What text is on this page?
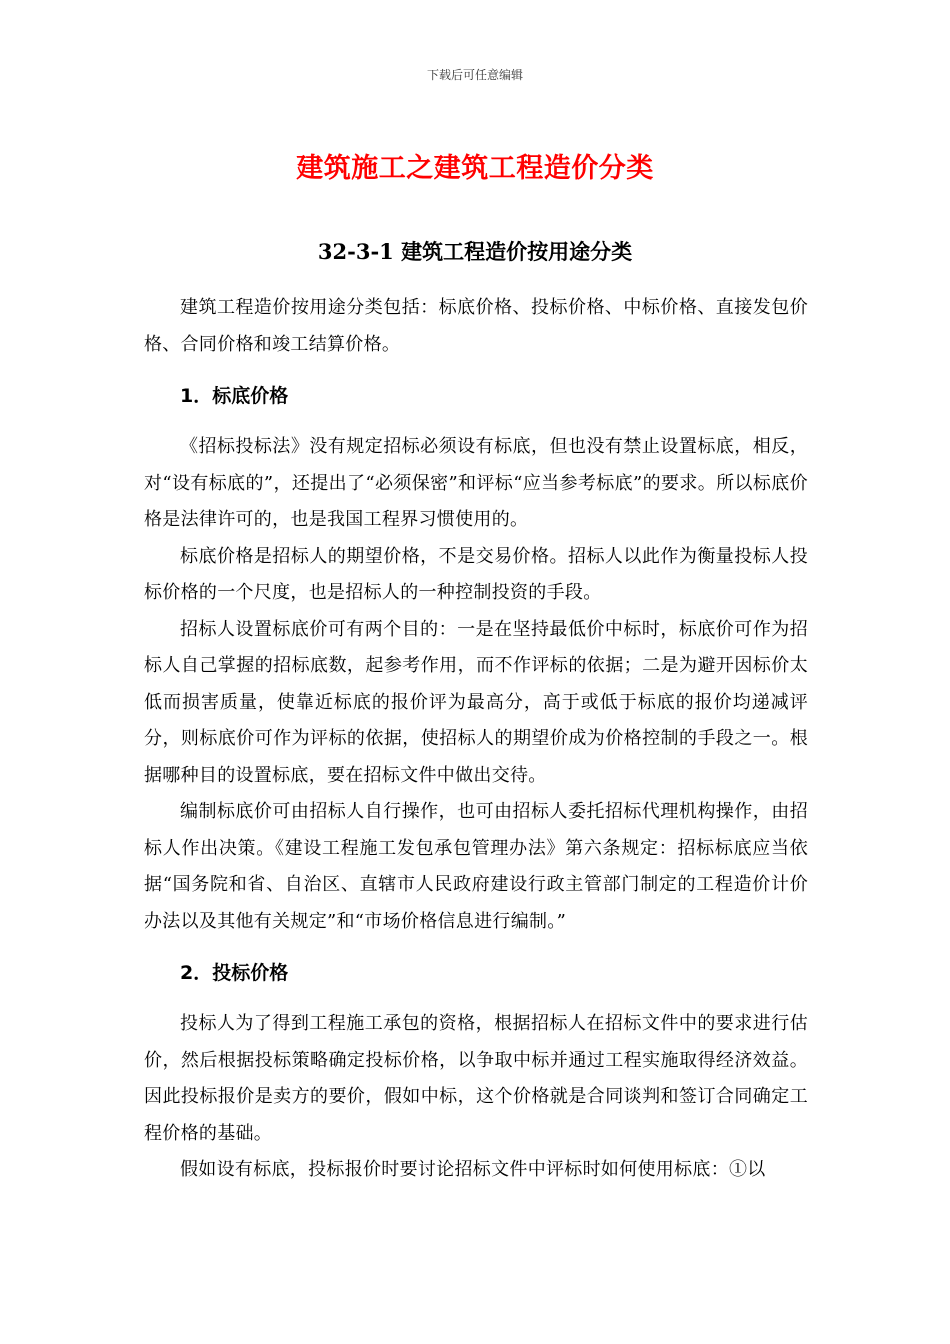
下载后可任意编辑
建筑施工之建筑工程造价分类
32-3-1 建筑工程造价按用途分类

建筑工程造价按用途分类包括：标底价格、投标价格、中标价格、直接发包价格、合同价格和竣工结算价格。

1．标底价格

《招标投标法》没有规定招标必须设有标底，但也没有禁止设置标底，相反，对“设有标底的”，还提出了“必须保密”和评标“应当参考标底”的要求。所以标底价格是法律许可的，也是我国工程界习惯使用的。

标底价格是招标人的期望价格，不是交易价格。招标人以此作为衡量投标人投标价格的一个尺度，也是招标人的一种控制投资的手段。

招标人设置标底价可有两个目的：一是在坚持最低价中标时，标底价可作为招标人自己掌握的招标底数，起参考作用，而不作评标的依据；二是为避开因标价太低而损害质量，使靠近标底的报价评为最高分，高于或低于标底的报价均递减评分，则标底价可作为评标的依据，使招标人的期望价成为价格控制的手段之一。根据哪种目的设置标底，要在招标文件中做出交待。

编制标底价可由招标人自行操作，也可由招标人委托招标代理机构操作，由招标人作出决策。《建设工程施工发包承包管理办法》第六条规定：招标标底应当依据“国务院和省、自治区、直辖市人民政府建设行政主管部门制定的工程造价计价办法以及其他有关规定”和“市场价格信息进行编制。”

2．投标价格

投标人为了得到工程施工承包的资格，根据招标人在招标文件中的要求进行估价，然后根据投标策略确定投标价格，以争取中标并通过工程实施取得经济效益。因此投标报价是卖方的要价，假如中标，这个价格就是合同谈判和签订合同确定工程价格的基础。

假如设有标底，投标报价时要讨论招标文件中评标时如何使用标底：①以
